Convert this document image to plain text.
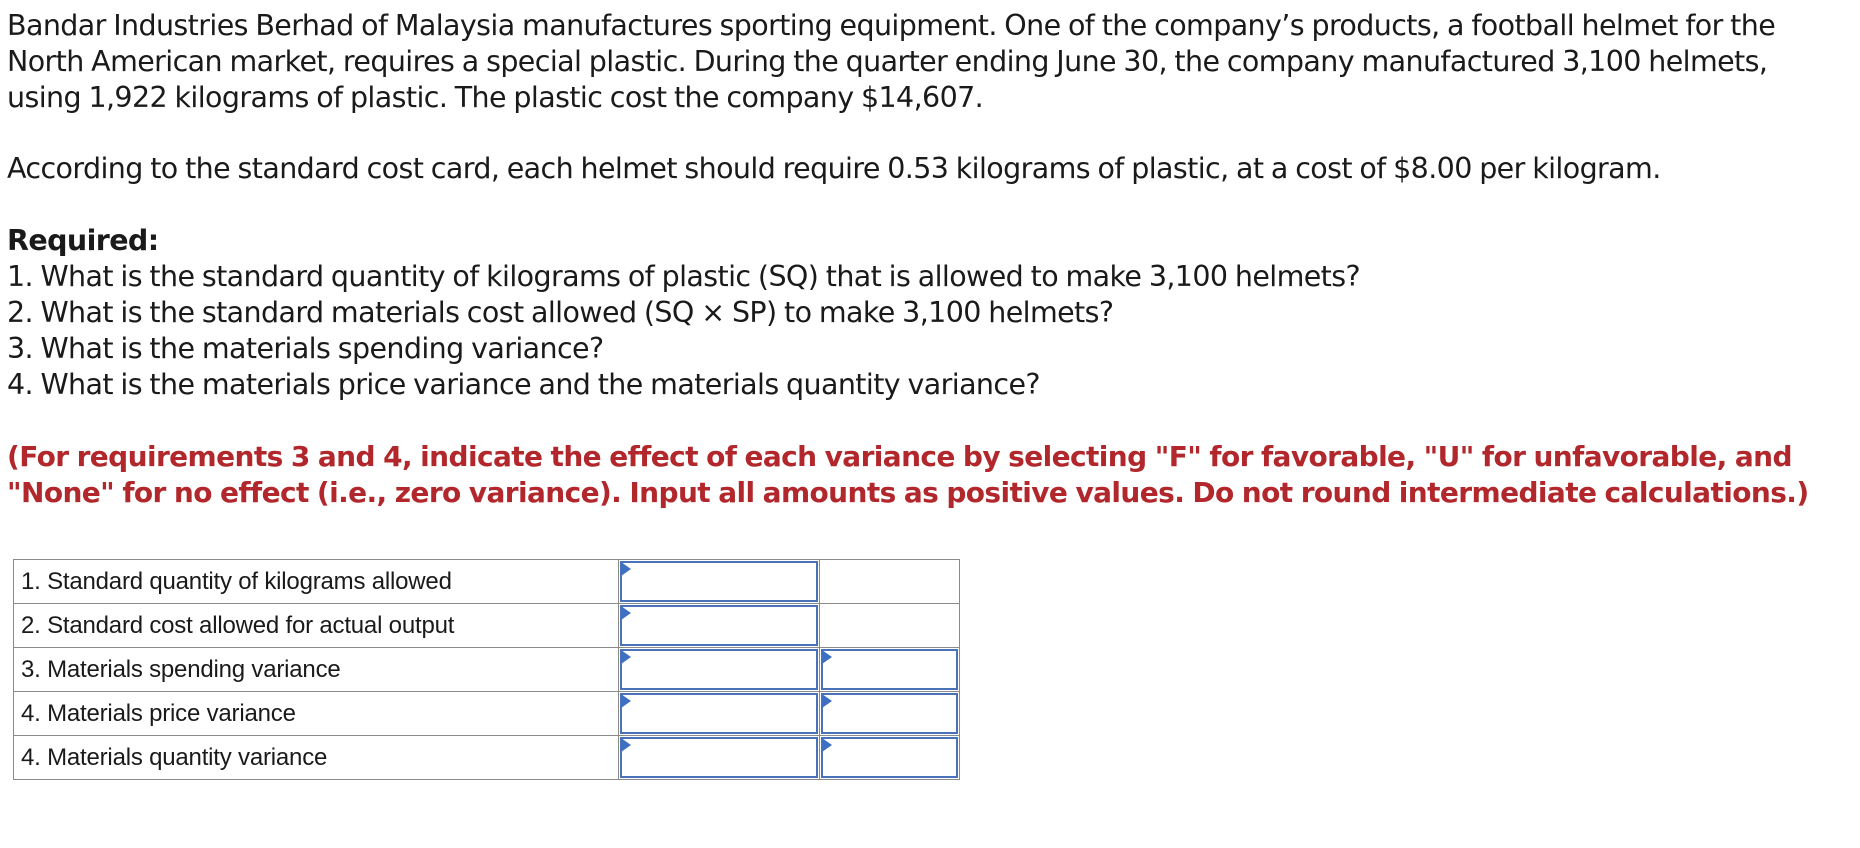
Bandar Industries Berhad of Malaysia manufactures sporting equipment. One of the company’s products, a football helmet for the North American market, requires a special plastic. During the quarter ending June 30, the company manufactured 3,100 helmets, using 1,922 kilograms of plastic. The plastic cost the company $14,607.

According to the standard cost card, each helmet should require 0.53 kilograms of plastic, at a cost of $8.00 per kilogram.

Required:

1. What is the standard quantity of kilograms of plastic (SQ) that is allowed to make 3,100 helmets?

2. What is the standard materials cost allowed (SQ × SP) to make 3,100 helmets?

3. What is the materials spending variance?

4. What is the materials price variance and the materials quantity variance?

(For requirements 3 and 4, indicate the effect of each variance by selecting "F" for favorable, "U" for unfavorable, and "None" for no effect (i.e., zero variance). Input all amounts as positive values. Do not round intermediate calculations.)

1. Standard quantity of kilograms allowed	

2. Standard cost allowed for actual output	

3. Materials spending variance	

4. Materials price variance	

4. Materials quantity variance	
